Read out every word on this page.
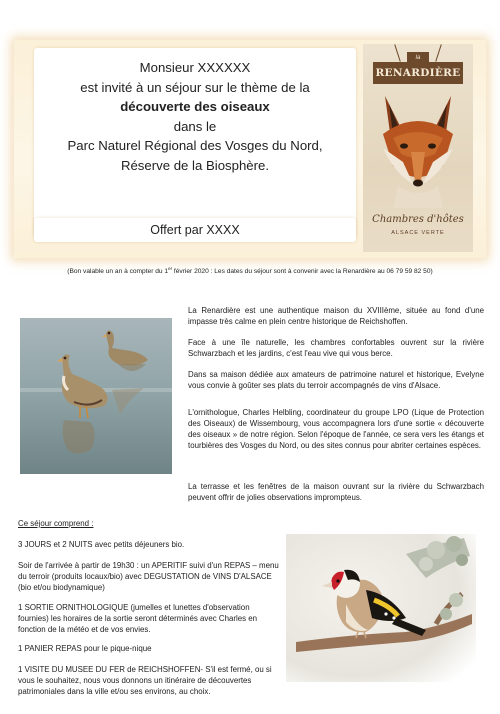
Monsieur XXXXXX
est invité à un séjour sur le thème de la
découverte des oiseaux
dans le
Parc Naturel Régional des Vosges du Nord,
Réserve de la Biosphère.
Offert par XXXX
la
RENARDIÈRE
Chambres d'hôtes
ALSACE VERTE
(Bon valable un an à compter du 1er février 2020 : Les dates du séjour sont à convenir avec la Renardière au 06 79 59 82 50)
La Renardière est une authentique maison du XVIIIème, située au fond d'une impasse très calme en plein centre historique de Reichshoffen.
Face à une île naturelle, les chambres confortables ouvrent sur la rivière Schwarzbach et les jardins, c'est l'eau vive qui vous berce.
Dans sa maison dédiée aux amateurs de patrimoine naturel et historique, Evelyne vous convie à goûter ses plats du terroir accompagnés de vins d'Alsace.
L'ornithologue, Charles Helbling, coordinateur du groupe LPO (Lique de Protection des Oiseaux) de Wissembourg, vous accompagnera lors d'une sortie « découverte des oiseaux » de notre région. Selon l'époque de l'année, ce sera vers les étangs et tourbières des Vosges du Nord, ou des sites connus pour abriter certaines espèces.
La terrasse et les fenêtres de la maison ouvrant sur la rivière du Schwarzbach peuvent offrir de jolies observations imprompteus.
Ce séjour comprend :
3 JOURS et 2 NUITS avec petits déjeuners bio.
Soir de l'arrivée à partir de 19h30 : un APERITIF suivi d'un REPAS – menu du terroir (produits locaux/bio) avec DEGUSTATION de VINS D'ALSACE (bio et/ou biodynamique)
1 SORTIE ORNITHOLOGIQUE (jumelles et lunettes d'observation fournies) les horaires de la sortie seront déterminés avec Charles en fonction de la météo et de vos envies.
1 PANIER REPAS pour le pique-nique
1 VISITE DU MUSEE DU FER de REICHSHOFFEN- S'il est fermé, ou si vous le souhaitez, nous vous donnons un itinéraire de découvertes patrimoniales dans la ville et/ou ses environs, au choix.
